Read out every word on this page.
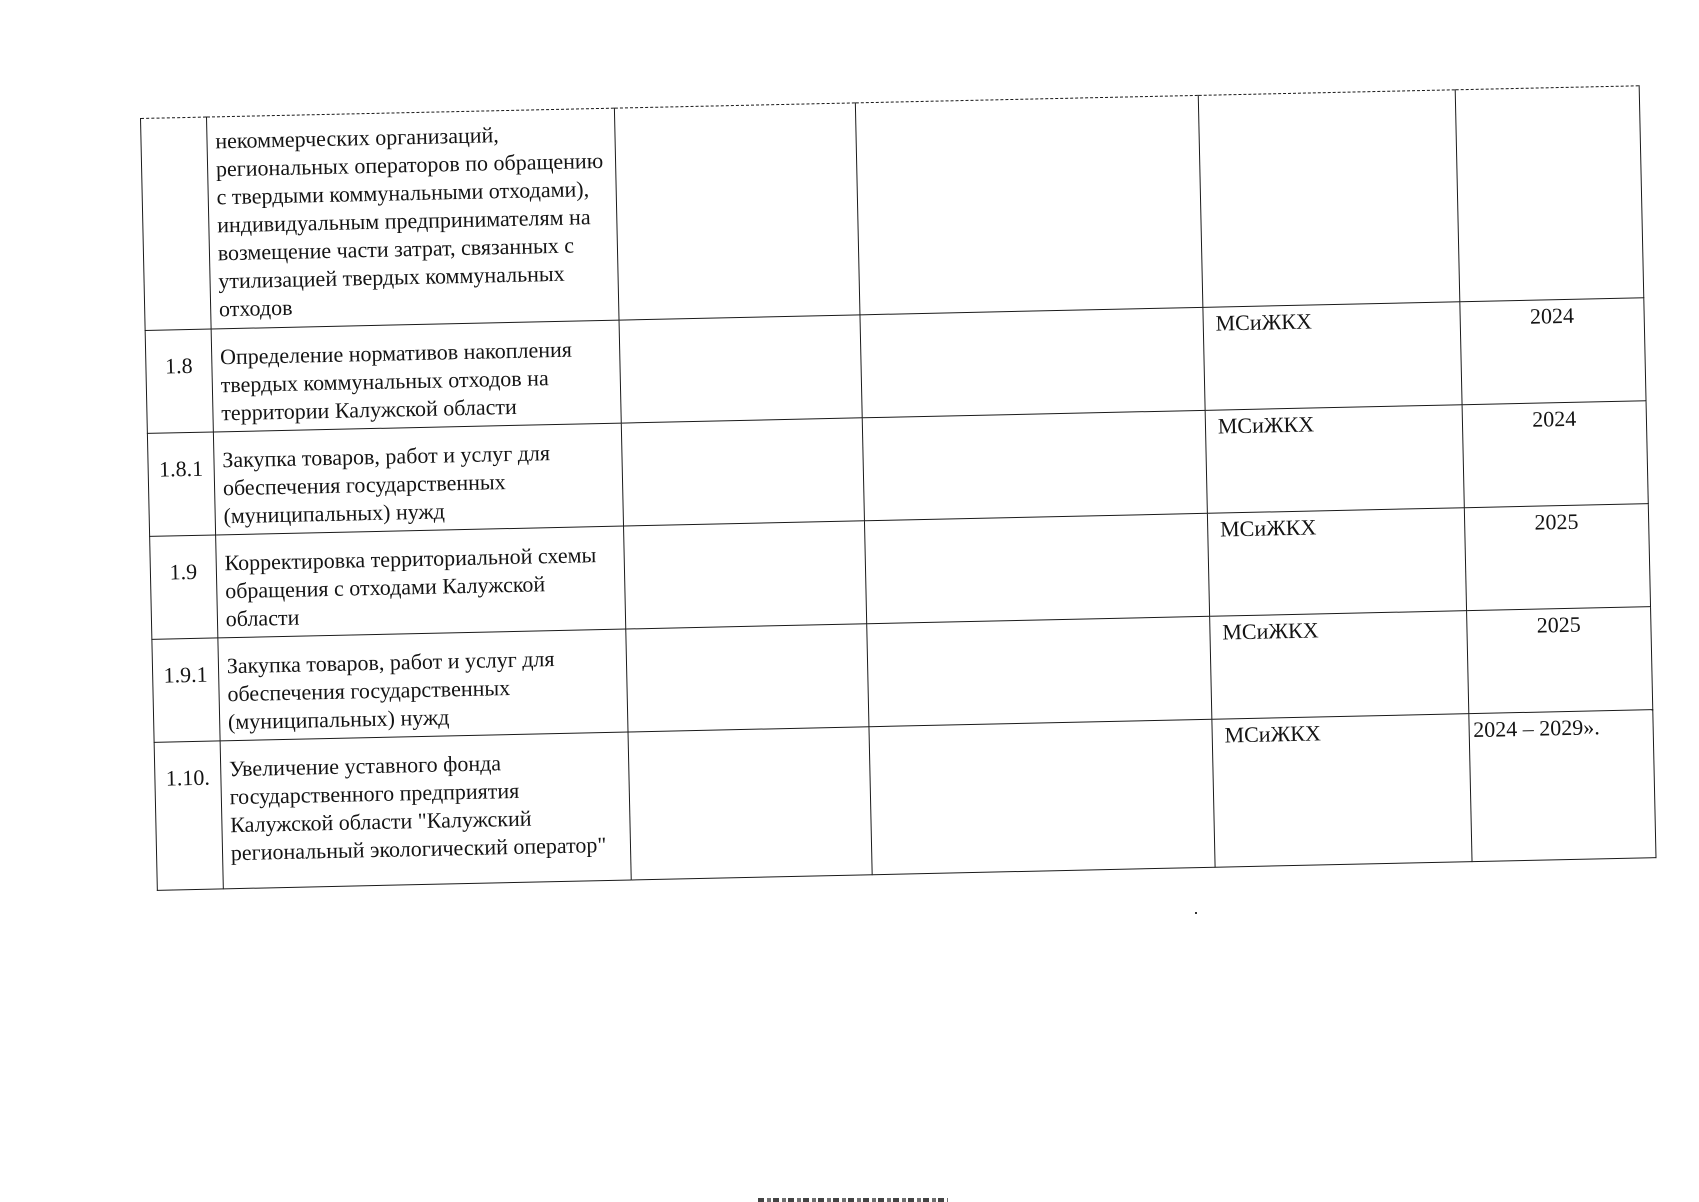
	некоммерческих организаций, региональных операторов по обращению с твердыми коммунальными отходами), индивидуальным предпринимателям на возмещение части затрат, связанных с утилизацией твердых коммунальных отходов				
1.8	Определение нормативов накопления твердых коммунальных отходов на территории Калужской области			МСиЖКХ	2024
1.8.1	Закупка товаров, работ и услуг для обеспечения государственных (муниципальных) нужд			МСиЖКХ	2024
1.9	Корректировка территориальной схемы обращения с отходами Калужской области			МСиЖКХ	2025
1.9.1	Закупка товаров, работ и услуг для обеспечения государственных (муниципальных) нужд			МСиЖКХ	2025
1.10.	Увеличение уставного фонда государственного предприятия Калужской области "Калужский региональный экологический оператор"			МСиЖКХ	2024 – 2029».
